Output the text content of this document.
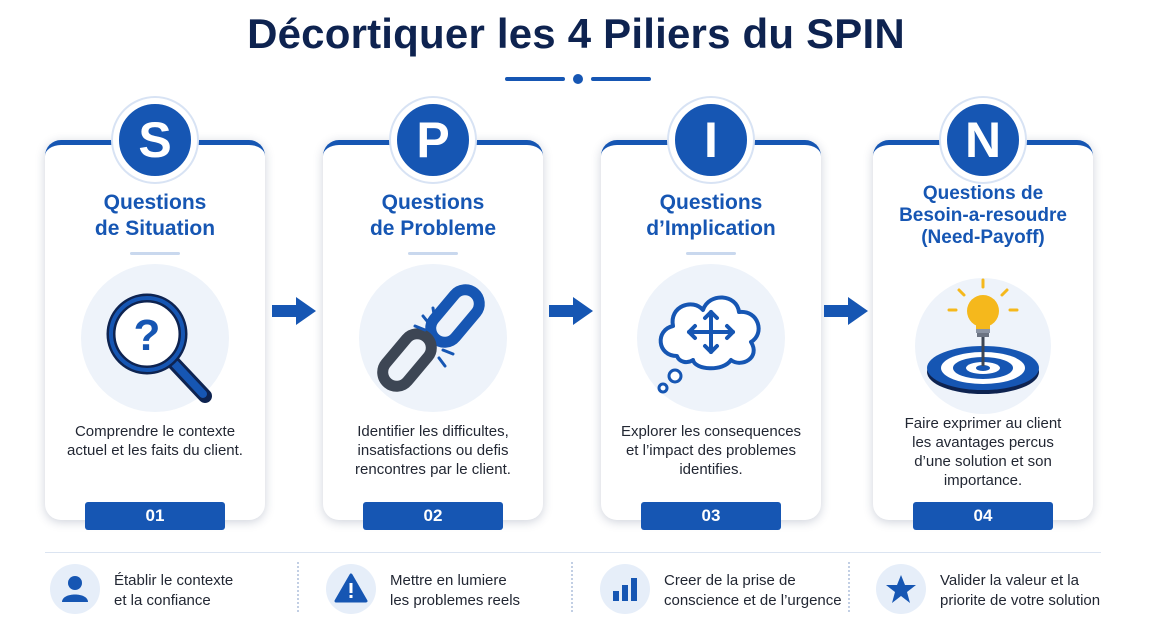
Décortiquer les 4 Piliers du SPIN
S
Questions
de Situation
?
Comprendre le contexte
actuel et les faits du client.
01
P
Questions
de Probleme
Identifier les difficultes,
insatisfactions ou defis
rencontres par le client.
02
I
Questions
d’Implication
Explorer les consequences
et l’impact des problemes
identifies.
03
N
Questions de
Besoin-a-resoudre
(Need-Payoff)
Faire exprimer au client
les avantages percus
d’une solution et son
importance.
04
Établir le contexte
et la confiance
Mettre en lumiere
les problemes reels
Creer de la prise de
conscience et de l’urgence
Valider la valeur et la
priorite de votre solution
